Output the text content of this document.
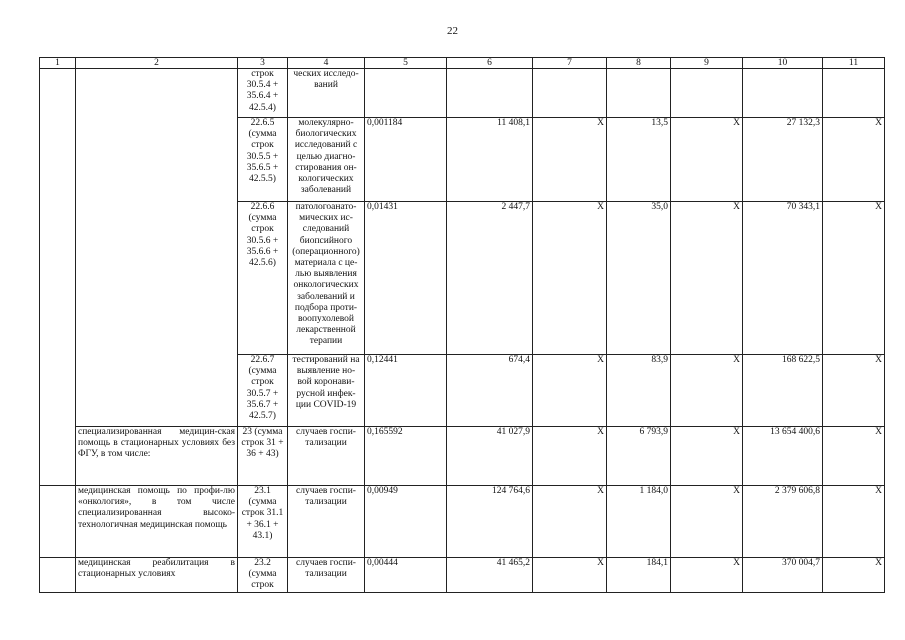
22
1	2	3	4	5	6	7	8	9	10	11
		строк 30.5.4 + 35.6.4 + 42.5.4)	ческих исследо-ваний							
		22.6.5 (сумма строк 30.5.5 + 35.6.5 + 42.5.5)	молекулярно-биологических исследований с целью диагно-стирования он-кологических заболеваний	0,001184	11 408,1	X	13,5	X	27 132,3	X
		22.6.6 (сумма строк 30.5.6 + 35.6.6 + 42.5.6)	патологоанато-мических ис-следований биопсийного (операционного) материала с це-лью выявления онкологических заболеваний и подбора проти-воопухолевой лекарственной терапии	0,01431	2 447,7	X	35,0	X	70 343,1	X
		22.6.7 (сумма строк 30.5.7 + 35.6.7 + 42.5.7)	тестирований на выявление но-вой коронави-русной инфек-ции COVID-19	0,12441	674,4	X	83,9	X	168 622,5	X
	специализированная медицин-ская помощь в стационарных условиях без ФГУ, в том числе:	23 (сумма строк 31 + 36 + 43)	случаев госпи-тализации	0,165592	41 027,9	X	6 793,9	X	13 654 400,6	X
	медицинская помощь по профи-лю «онкология», в том числе специализированная высоко-технологичная медицинская помощь	23.1 (сумма строк 31.1 + 36.1 + 43.1)	случаев госпи-тализации	0,00949	124 764,6	X	1 184,0	X	2 379 606,8	X
	медицинская реабилитация в стационарных условиях	23.2 (сумма строк	случаев госпи-тализации	0,00444	41 465,2	X	184,1	X	370 004,7	X
